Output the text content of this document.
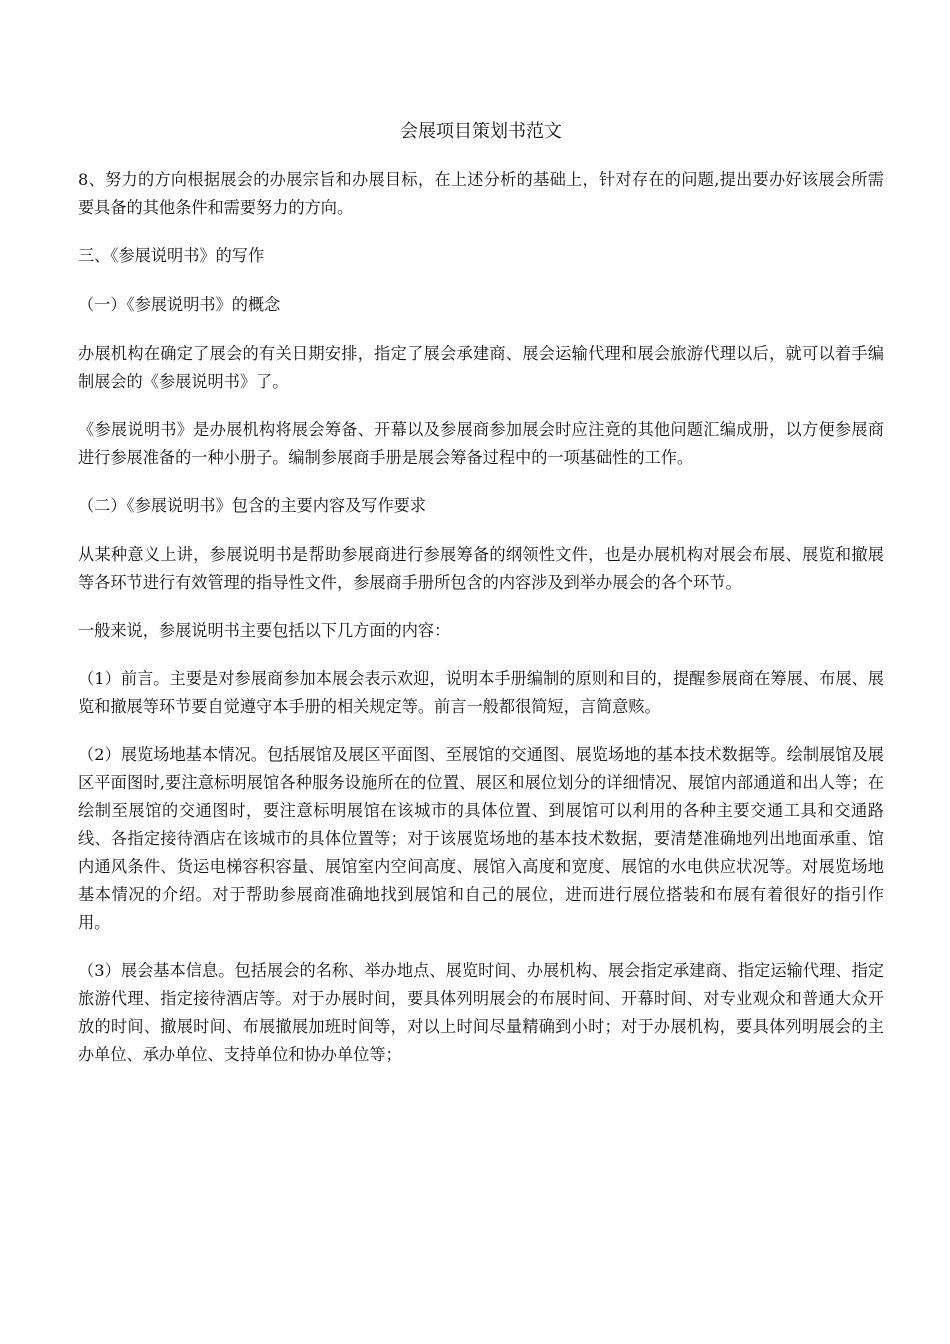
会展项目策划书范文

8、努力的方向根据展会的办展宗旨和办展目标，在上述分析的基础上，针对存在的问题,提出要办好该展会所需要具备的其他条件和需要努力的方向。

三、《参展说明书》的写作

（一）《参展说明书》的概念

办展机构在确定了展会的有关日期安排，指定了展会承建商、展会运输代理和展会旅游代理以后，就可以着手编制展会的《参展说明书》了。

《参展说明书》是办展机构将展会筹备、开幕以及参展商参加展会时应注竟的其他问题汇编成册，以方便参展商进行参展准备的一种小册子。编制参展商手册是展会筹备过程中的一项基础性的工作。

（二）《参展说明书》包含的主要内容及写作要求

从某种意义上讲，参展说明书是帮助参展商进行参展筹备的纲领性文件，也是办展机构对展会布展、展览和撤展等各环节进行有效管理的指导性文件，参展商手册所包含的内容涉及到举办展会的各个环节。

一般来说，参展说明书主要包括以下几方面的内容：

（1）前言。主要是对参展商参加本展会表示欢迎，说明本手册编制的原则和目的，提醒参展商在筹展、布展、展览和撤展等环节要自觉遵守本手册的相关规定等。前言一般都很简短，言简意赅。

（2）展览场地基本情况。包括展馆及展区平面图、至展馆的交通图、展览场地的基本技术数据等。绘制展馆及展区平面图时,要注意标明展馆各种服务设施所在的位置、展区和展位划分的详细情况、展馆内部通道和出人等；在绘制至展馆的交通图时，要注意标明展馆在该城市的具体位置、到展馆可以利用的各种主要交通工具和交通路线、各指定接待酒店在该城市的具体位置等；对于该展览场地的基本技术数据，要清楚准确地列出地面承重、馆内通风条件、货运电梯容积容量、展馆室内空间高度、展馆入高度和宽度、展馆的水电供应状况等。对展览场地基本情况的介绍。对于帮助参展商准确地找到展馆和自己的展位，进而进行展位搭装和布展有着很好的指引作用。

（3）展会基本信息。包括展会的名称、举办地点、展览时间、办展机构、展会指定承建商、指定运输代理、指定旅游代理、指定接待酒店等。对于办展时间，要具体列明展会的布展时间、开幕时间、对专业观众和普通大众开放的时间、撤展时间、布展撤展加班时间等，对以上时间尽量精确到小时；对于办展机构，要具体列明展会的主办单位、承办单位、支持单位和协办单位等；
